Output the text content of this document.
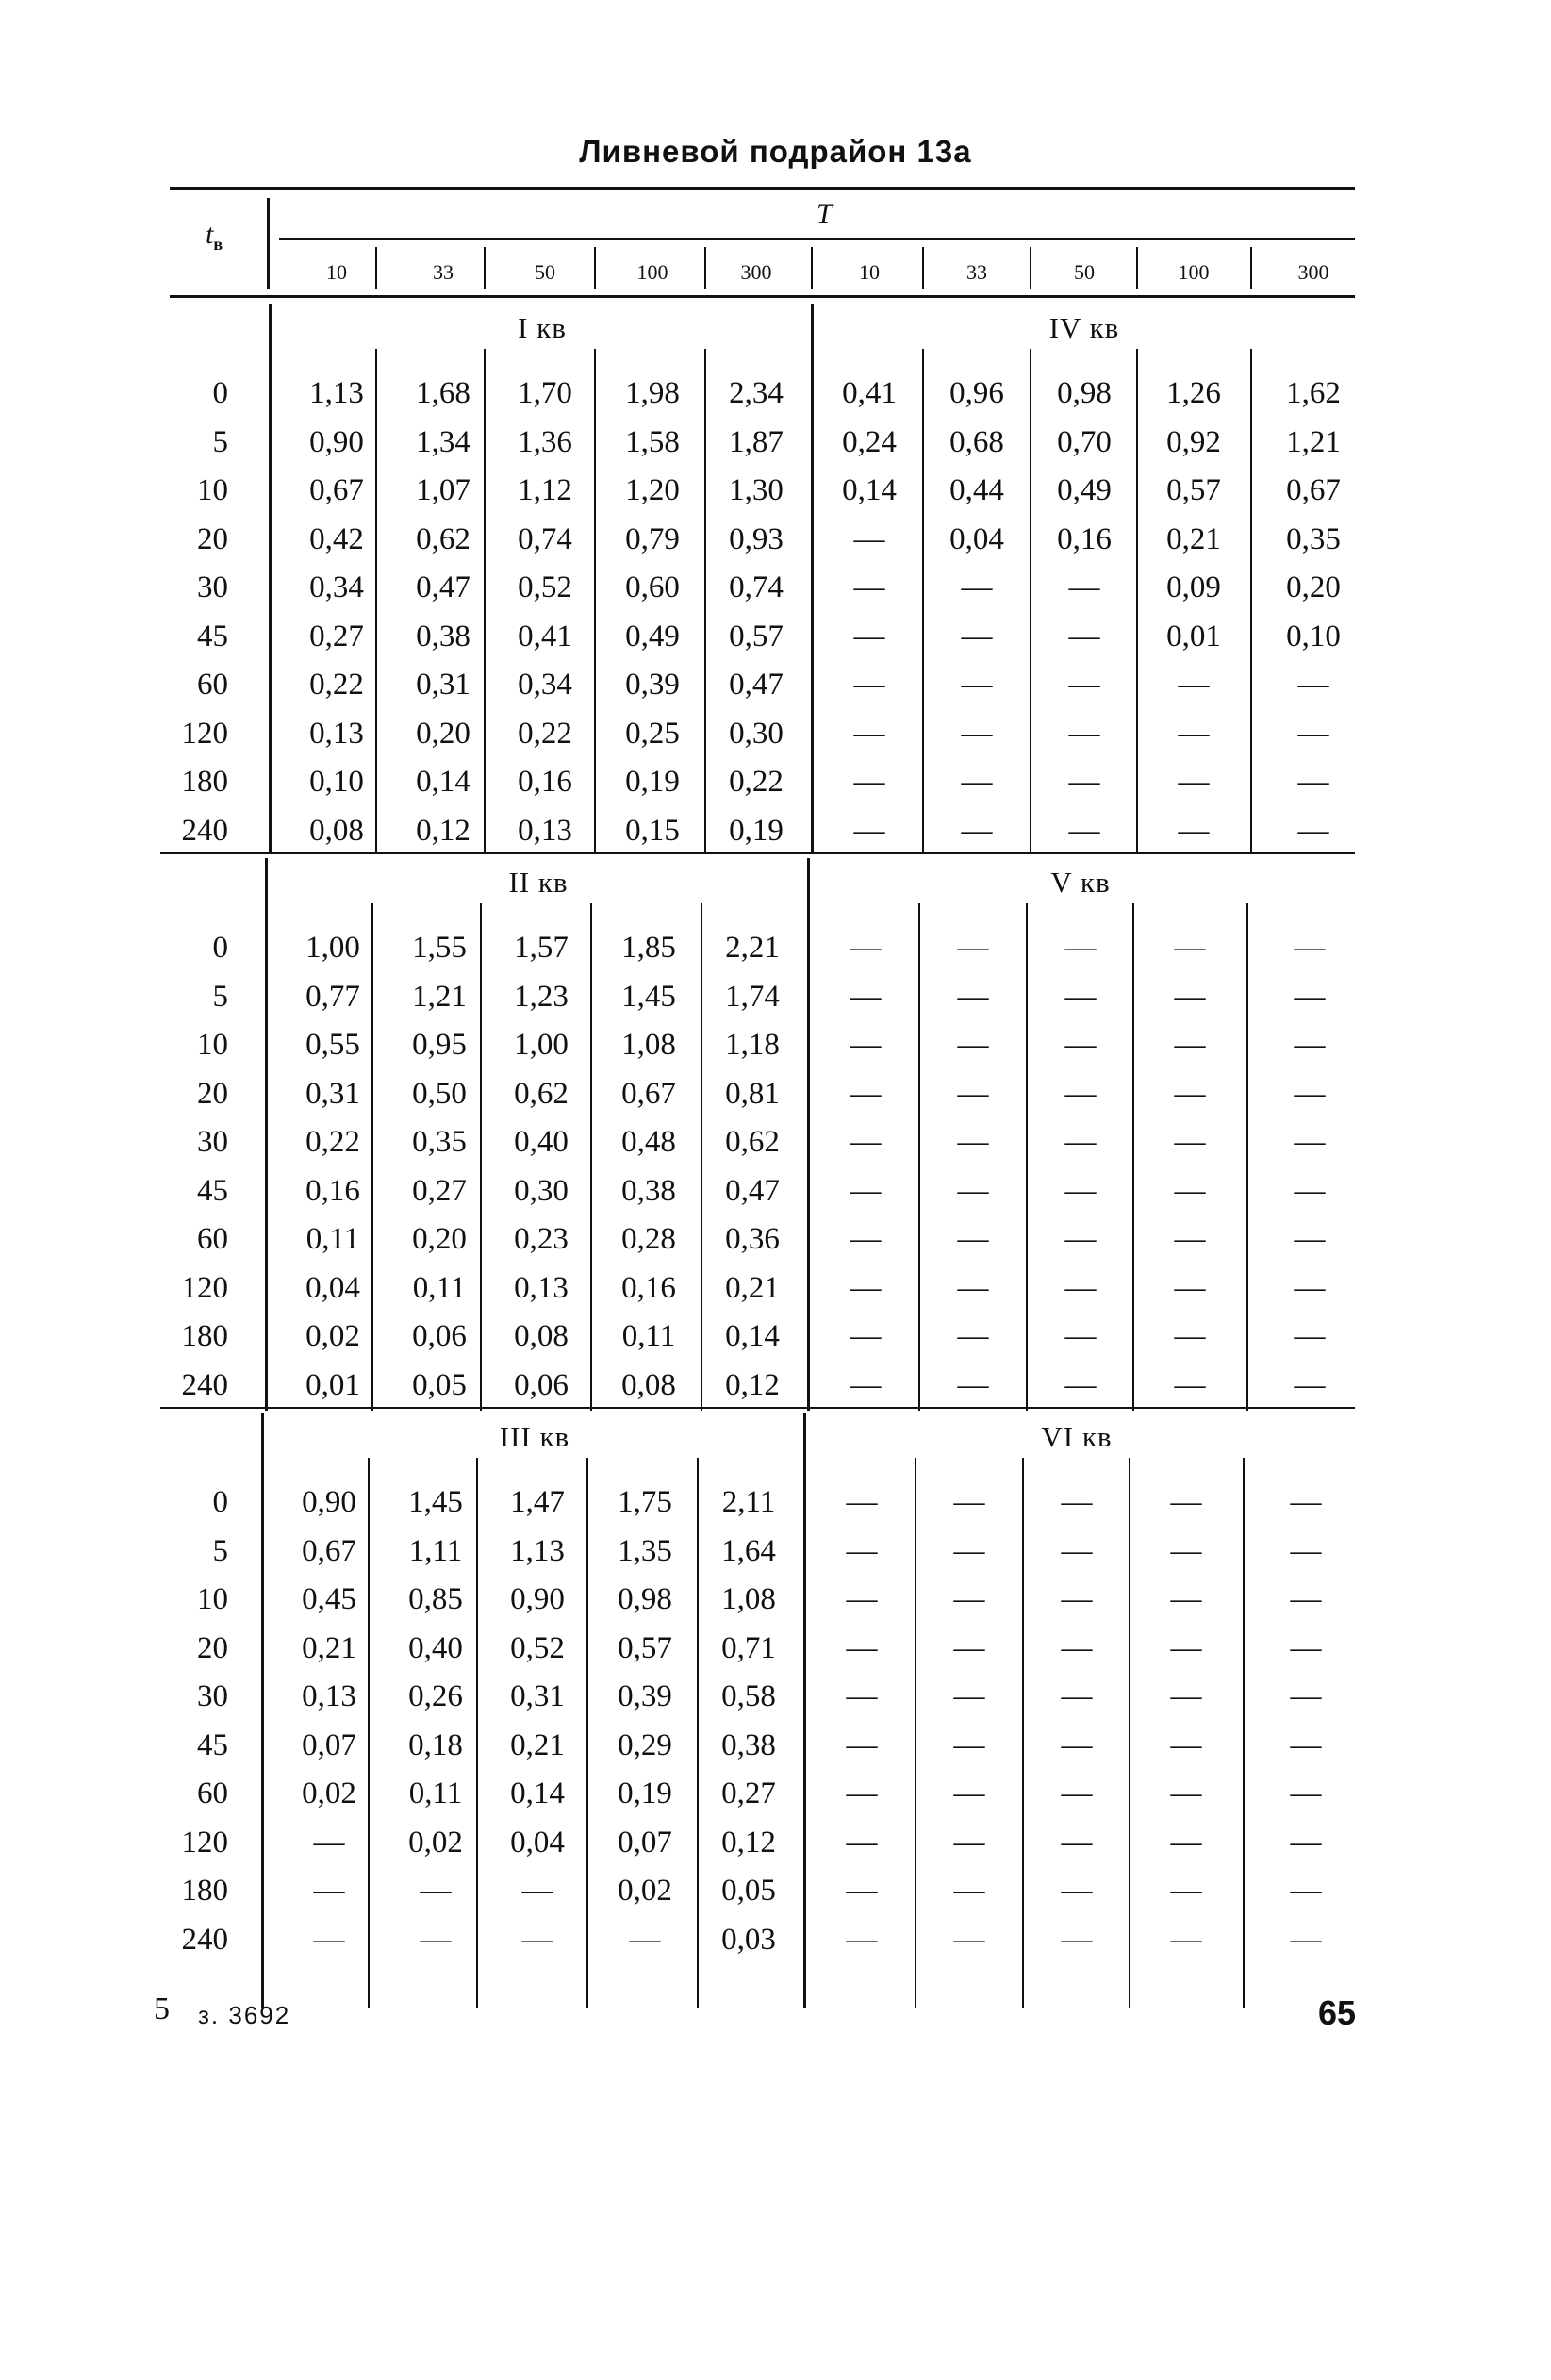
Ливневой подрайон 13а
$t_в$
T
10	33	50	100	300	10	33	50	100	300
I кв	IV кв
0	1,13	1,68	1,70	1,98	2,34	0,41	0,96	0,98	1,26	1,62
5	0,90	1,34	1,36	1,58	1,87	0,24	0,68	0,70	0,92	1,21
10	0,67	1,07	1,12	1,20	1,30	0,14	0,44	0,49	0,57	0,67
20	0,42	0,62	0,74	0,79	0,93	—	0,04	0,16	0,21	0,35
30	0,34	0,47	0,52	0,60	0,74	—	—	—	0,09	0,20
45	0,27	0,38	0,41	0,49	0,57	—	—	—	0,01	0,10
60	0,22	0,31	0,34	0,39	0,47	—	—	—	—	—
120	0,13	0,20	0,22	0,25	0,30	—	—	—	—	—
180	0,10	0,14	0,16	0,19	0,22	—	—	—	—	—
240	0,08	0,12	0,13	0,15	0,19	—	—	—	—	—
II кв	V кв
0	1,00	1,55	1,57	1,85	2,21	—	—	—	—	—
5	0,77	1,21	1,23	1,45	1,74	—	—	—	—	—
10	0,55	0,95	1,00	1,08	1,18	—	—	—	—	—
20	0,31	0,50	0,62	0,67	0,81	—	—	—	—	—
30	0,22	0,35	0,40	0,48	0,62	—	—	—	—	—
45	0,16	0,27	0,30	0,38	0,47	—	—	—	—	—
60	0,11	0,20	0,23	0,28	0,36	—	—	—	—	—
120	0,04	0,11	0,13	0,16	0,21	—	—	—	—	—
180	0,02	0,06	0,08	0,11	0,14	—	—	—	—	—
240	0,01	0,05	0,06	0,08	0,12	—	—	—	—	—
III кв	VI кв
0	0,90	1,45	1,47	1,75	2,11	—	—	—	—	—
5	0,67	1,11	1,13	1,35	1,64	—	—	—	—	—
10	0,45	0,85	0,90	0,98	1,08	—	—	—	—	—
20	0,21	0,40	0,52	0,57	0,71	—	—	—	—	—
30	0,13	0,26	0,31	0,39	0,58	—	—	—	—	—
45	0,07	0,18	0,21	0,29	0,38	—	—	—	—	—
60	0,02	0,11	0,14	0,19	0,27	—	—	—	—	—
120	—	0,02	0,04	0,07	0,12	—	—	—	—	—
180	—	—	—	0,02	0,05	—	—	—	—	—
240	—	—	—	—	0,03	—	—	—	—	—
5 з. 3692	65
